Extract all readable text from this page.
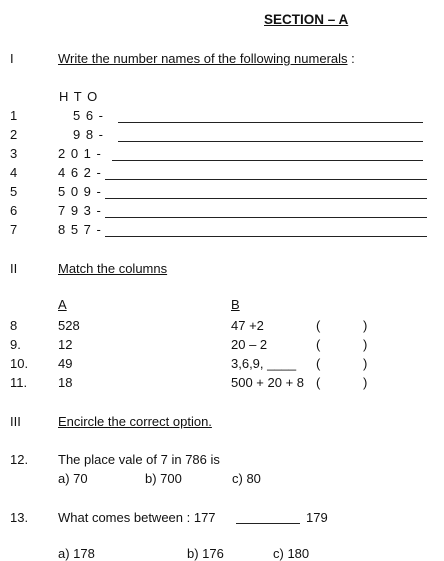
SECTION – A
I	Write the number names of the following numerals :
H T O
1	5 6 -
2	9 8 -
3	2 0 1 -
4	4 6 2 -
5	5 0 9 -
6	7 9 3 -
7	8 5 7 -
II	Match the columns
A	B
8	528	47 +2	(	)
9.	12	20 – 2	(	)
10. 49	3,6,9, ____ (	)
11. 18	500 + 20 + 8 (	)
III	Encircle the correct option.
12. The place vale of 7 in 786 is
a) 70	b) 700	c) 80
13. What comes between : 177	179
a) 178	b) 176	c) 180
